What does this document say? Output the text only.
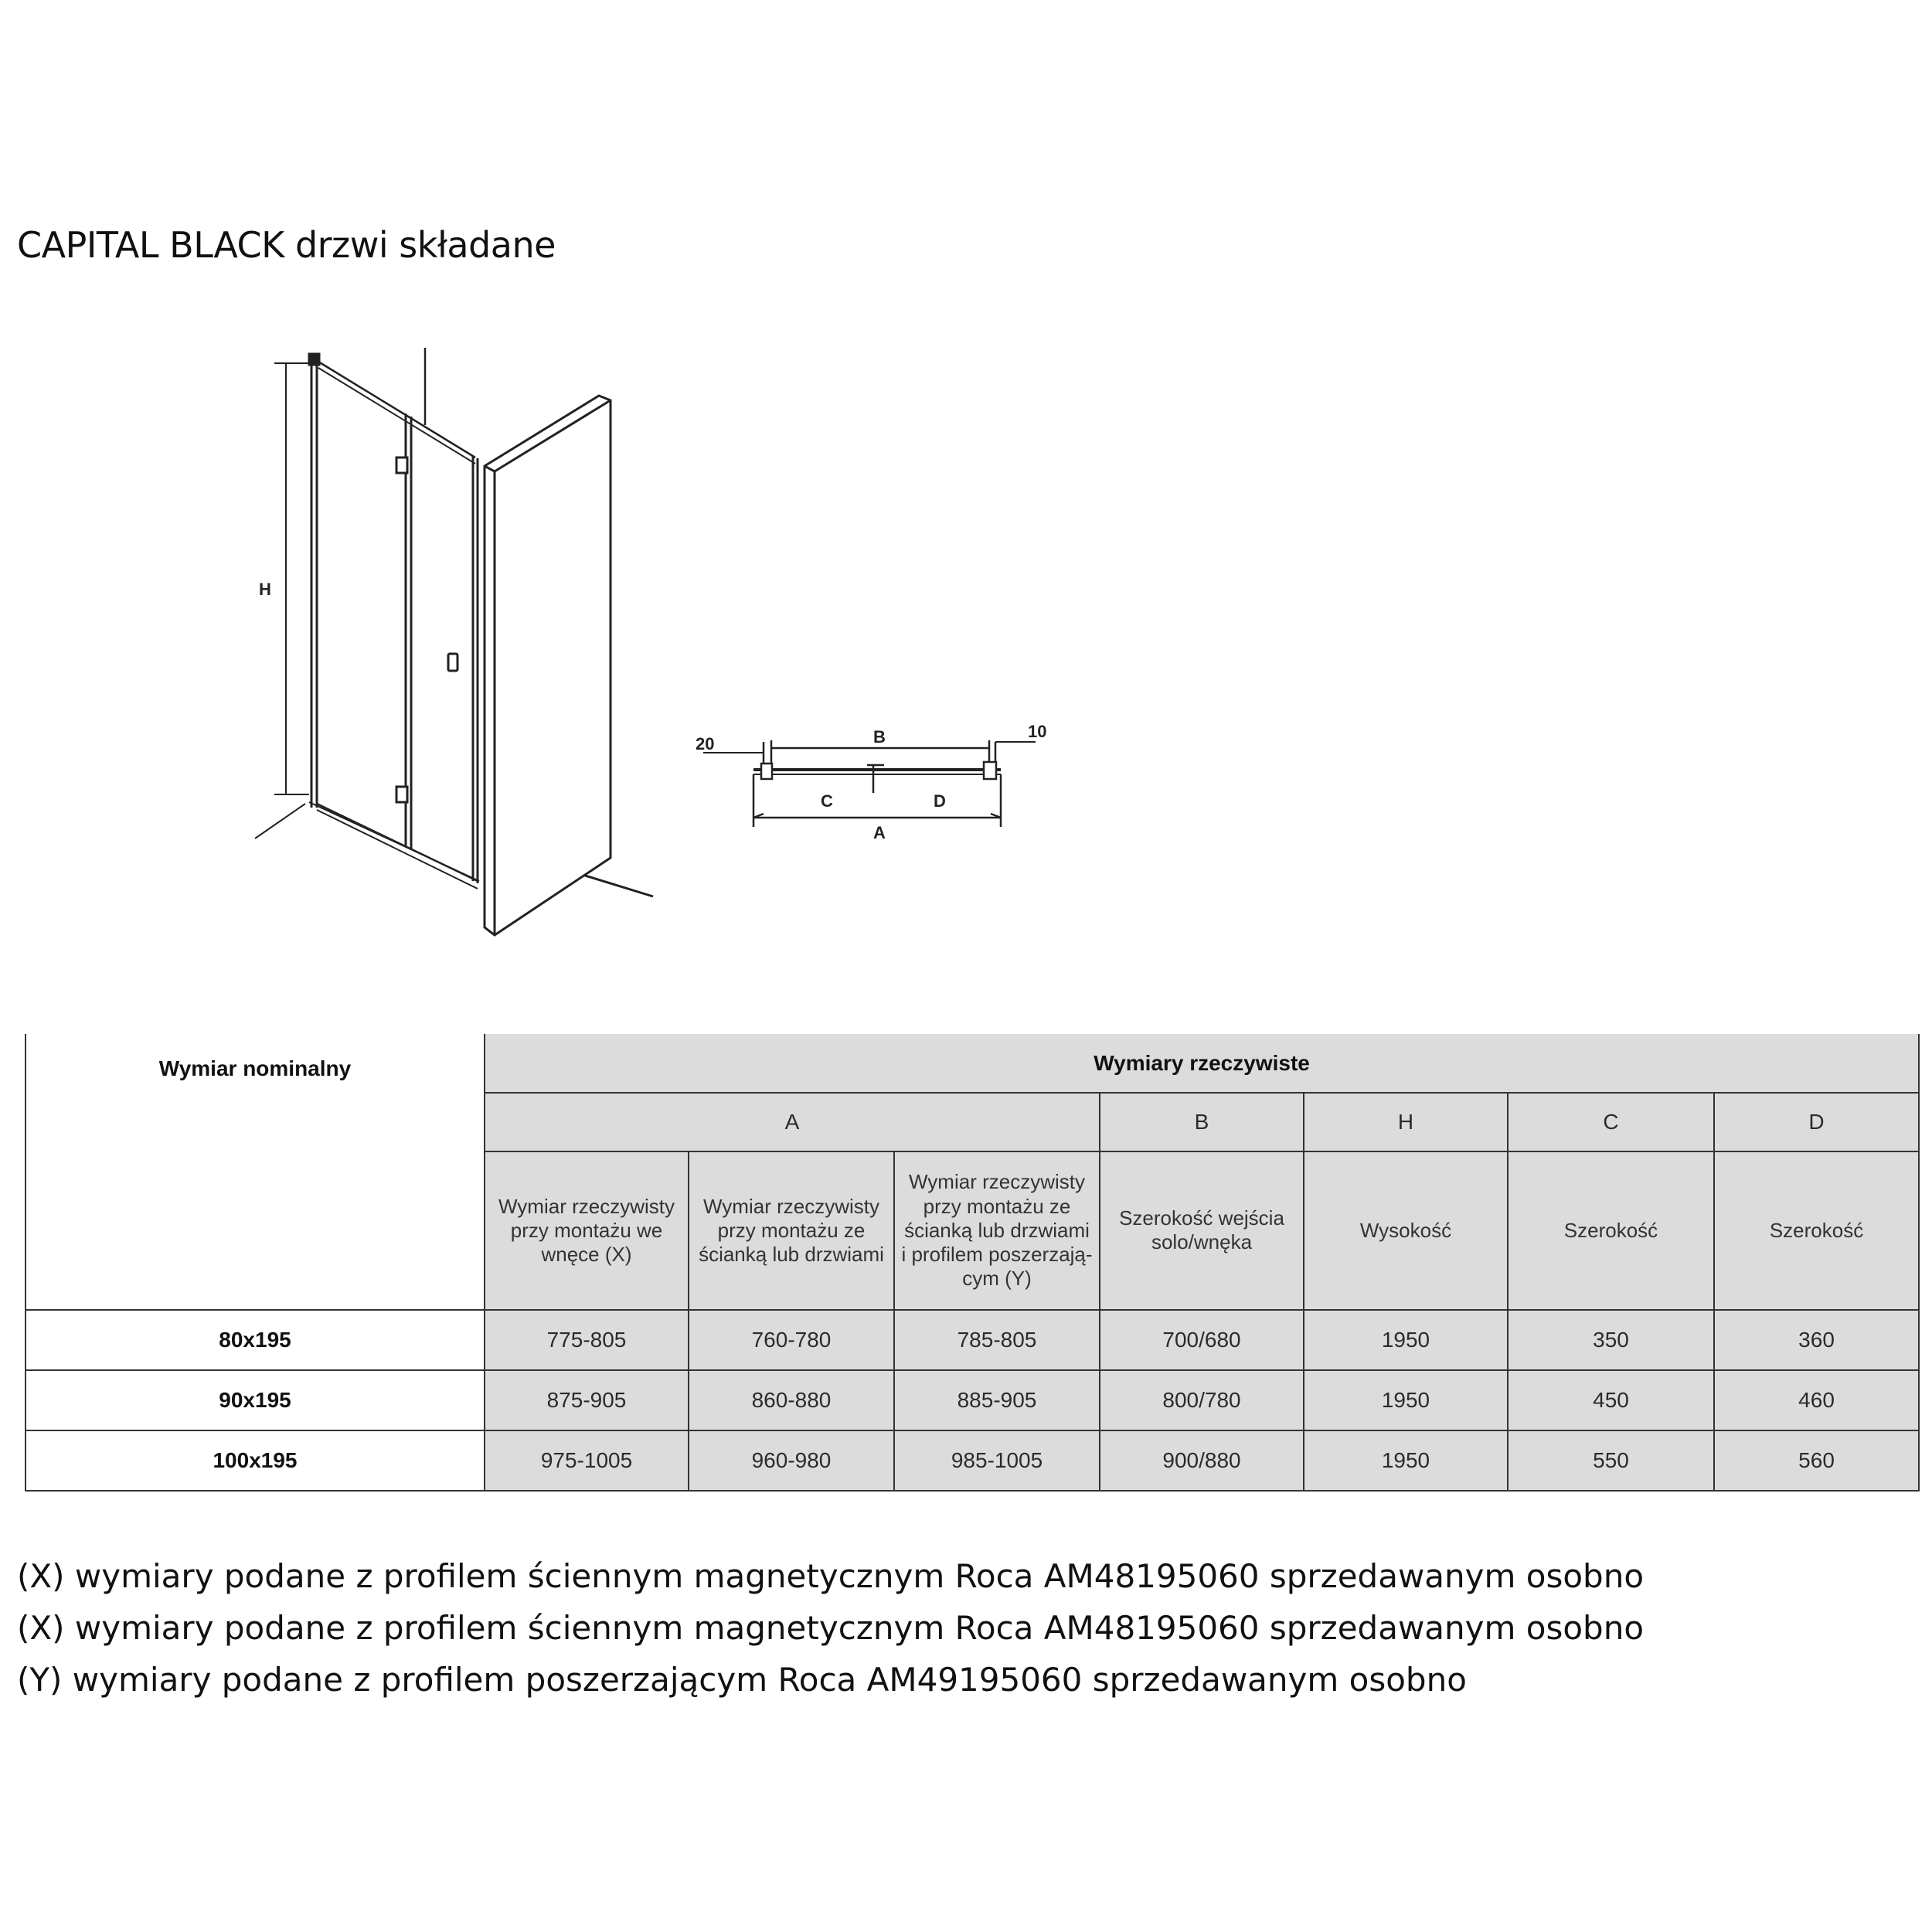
CAPITAL BLACK drzwi składane
H
B
20
10
C	D
A
Wymiar nominalny	Wymiary rzeczywiste						
	A			B	H	C	D
	Wymiar rzeczywisty przy montażu we wnęce (X)	Wymiar rzeczywisty przy montażu ze ścianką lub drzwiami	Wymiar rzeczywisty przy montażu ze ścianką lub drzwiami i profilem poszerzają-cym (Y)	Szerokość wejścia solo/wnęka	Wysokość	Szerokość	Szerokość
80x195	775-805	760-780	785-805	700/680	1950	350	360
90x195	875-905	860-880	885-905	800/780	1950	450	460
100x195	975-1005	960-980	985-1005	900/880	1950	550	560
(X) wymiary podane z profilem ściennym magnetycznym Roca AM48195060 sprzedawanym osobno
(X) wymiary podane z profilem ściennym magnetycznym Roca AM48195060 sprzedawanym osobno
(Y) wymiary podane z profilem poszerzającym Roca AM49195060 sprzedawanym osobno
